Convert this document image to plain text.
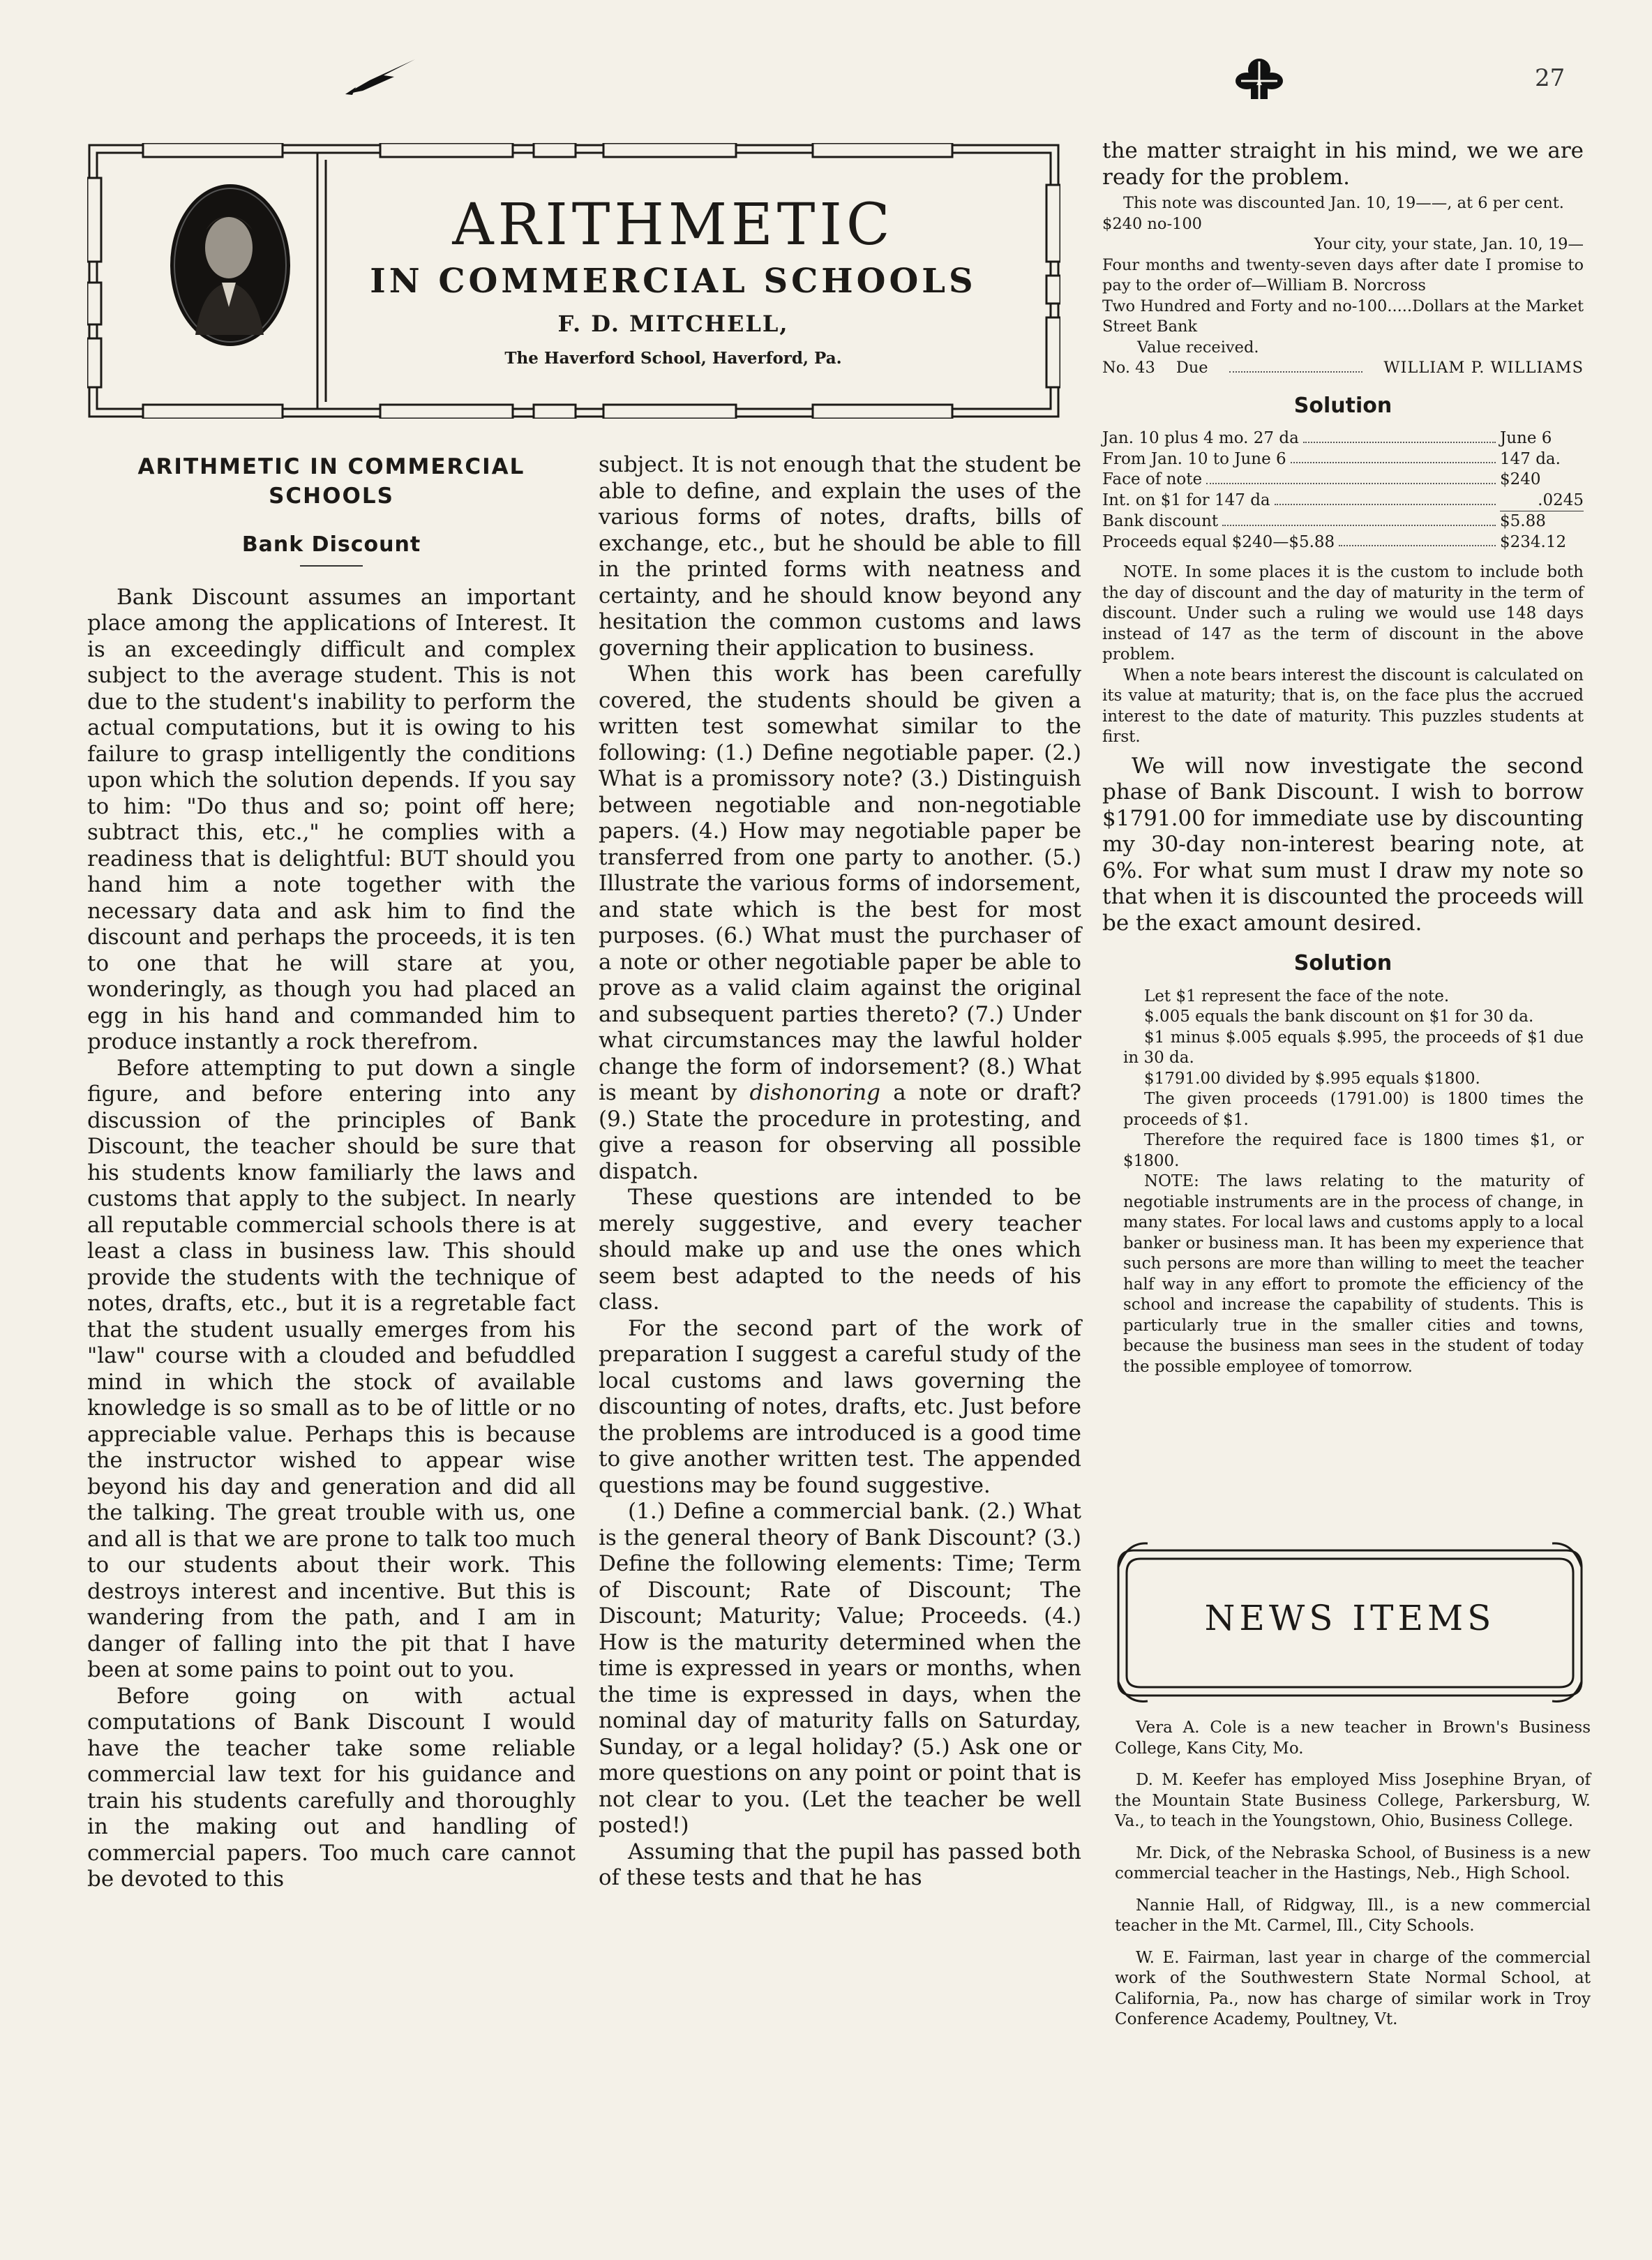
27
ARITHMETIC
IN COMMERCIAL SCHOOLS
F. D. MITCHELL,
The Haverford School, Haverford, Pa.
ARITHMETIC IN COMMERCIAL SCHOOLS
Bank Discount

Bank Discount assumes an important place among the applications of Interest. It is an exceedingly difficult and complex subject to the average student. This is not due to the student's inability to perform the actual computations, but it is owing to his failure to grasp intelligently the conditions upon which the solution depends. If you say to him: "Do thus and so; point off here; subtract this, etc.," he complies with a readiness that is delightful: BUT should you hand him a note together with the necessary data and ask him to find the discount and perhaps the proceeds, it is ten to one that he will stare at you, wonderingly, as though you had placed an egg in his hand and commanded him to produce instantly a rock therefrom.

Before attempting to put down a single figure, and before entering into any discussion of the principles of Bank Discount, the teacher should be sure that his students know familiarly the laws and customs that apply to the subject. In nearly all reputable commercial schools there is at least a class in business law. This should provide the students with the technique of notes, drafts, etc., but it is a regretable fact that the student usually emerges from his "law" course with a clouded and befuddled mind in which the stock of available knowledge is so small as to be of little or no appreciable value. Perhaps this is because the instructor wished to appear wise beyond his day and generation and did all the talking. The great trouble with us, one and all is that we are prone to talk too much to our students about their work. This destroys interest and incentive. But this is wandering from the path, and I am in danger of falling into the pit that I have been at some pains to point out to you.

Before going on with actual computations of Bank Discount I would have the teacher take some reliable commercial law text for his guidance and train his students carefully and thoroughly in the making out and handling of commercial papers. Too much care cannot be devoted to this

subject. It is not enough that the student be able to define, and explain the uses of the various forms of notes, drafts, bills of exchange, etc., but he should be able to fill in the printed forms with neatness and certainty, and he should know beyond any hesitation the common customs and laws governing their application to business.

When this work has been carefully covered, the students should be given a written test somewhat similar to the following: (1.) Define negotiable paper. (2.) What is a promissory note? (3.) Distinguish between negotiable and non-negotiable papers. (4.) How may negotiable paper be transferred from one party to another. (5.) Illustrate the various forms of indorsement, and state which is the best for most purposes. (6.) What must the purchaser of a note or other negotiable paper be able to prove as a valid claim against the original and subsequent parties thereto? (7.) Under what circumstances may the lawful holder change the form of indorsement? (8.) What is meant by dishonoring a note or draft? (9.) State the procedure in protesting, and give a reason for observing all possible dispatch.

These questions are intended to be merely suggestive, and every teacher should make up and use the ones which seem best adapted to the needs of his class.

For the second part of the work of preparation I suggest a careful study of the local customs and laws governing the discounting of notes, drafts, etc. Just before the problems are introduced is a good time to give another written test. The appended questions may be found suggestive.

(1.) Define a commercial bank. (2.) What is the general theory of Bank Discount? (3.) Define the following elements: Time; Term of Discount; Rate of Discount; The Discount; Maturity; Value; Proceeds. (4.) How is the maturity determined when the time is expressed in years or months, when the time is expressed in days, when the nominal day of maturity falls on Saturday, Sunday, or a legal holiday? (5.) Ask one or more questions on any point or point that is not clear to you. (Let the teacher be well posted!)

Assuming that the pupil has passed both of these tests and that he has

the matter straight in his mind, we we are ready for the problem.

This note was discounted Jan. 10, 19——, at 6 per cent.
$240 no-100
Your city, your state, Jan. 10, 19—
Four months and twenty-seven days after date I promise to pay to the order of—William B. Norcross
Two Hundred and Forty and no-100.....Dollars at the Market Street Bank
Value received.
No. 43 Due	WILLIAM P. WILLIAMS
Solution
Jan. 10 plus 4 mo. 27 da	June 6
From Jan. 10 to June 6	147 da.
Face of note	$240
Int. on $1 for 147 da	.0245
Bank discount	$5.88
Proceeds equal $240—$5.88	$234.12

NOTE. In some places it is the custom to include both the day of discount and the day of maturity in the term of discount. Under such a ruling we would use 148 days instead of 147 as the term of discount in the above problem.

When a note bears interest the discount is calculated on its value at maturity; that is, on the face plus the accrued interest to the date of maturity. This puzzles students at first.

We will now investigate the second phase of Bank Discount. I wish to borrow $1791.00 for immediate use by discounting my 30-day non-interest bearing note, at 6%. For what sum must I draw my note so that when it is discounted the proceeds will be the exact amount desired.

Solution

Let $1 represent the face of the note.

$.005 equals the bank discount on $1 for 30 da.

$1 minus $.005 equals $.995, the proceeds of $1 due in 30 da.

$1791.00 divided by $.995 equals $1800.

The given proceeds (1791.00) is 1800 times the proceeds of $1.

Therefore the required face is 1800 times $1, or $1800.

NOTE: The laws relating to the maturity of negotiable instruments are in the process of change, in many states. For local laws and customs apply to a local banker or business man. It has been my experience that such persons are more than willing to meet the teacher half way in any effort to promote the efficiency of the school and increase the capability of students. This is particularly true in the smaller cities and towns, because the business man sees in the student of today the possible employee of tomorrow.

NEWS ITEMS

Vera A. Cole is a new teacher in Brown's Business College, Kans City, Mo.

D. M. Keefer has employed Miss Josephine Bryan, of the Mountain State Business College, Parkersburg, W. Va., to teach in the Youngstown, Ohio, Business College.

Mr. Dick, of the Nebraska School, of Business is a new commercial teacher in the Hastings, Neb., High School.

Nannie Hall, of Ridgway, Ill., is a new commercial teacher in the Mt. Carmel, Ill., City Schools.

W. E. Fairman, last year in charge of the commercial work of the Southwestern State Normal School, at California, Pa., now has charge of similar work in Troy Conference Academy, Poultney, Vt.
